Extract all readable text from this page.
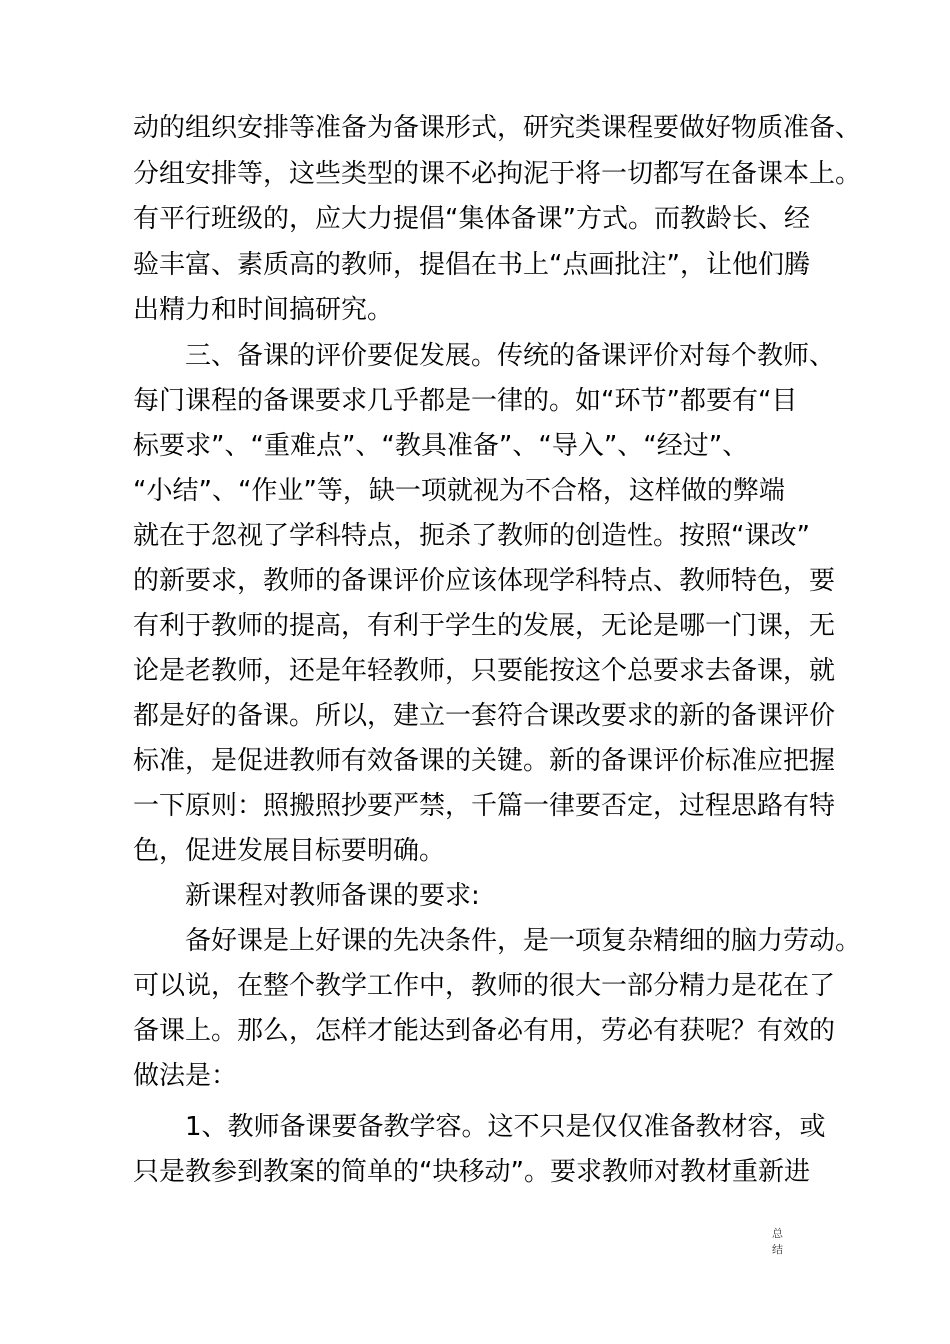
动的组织安排等准备为备课形式，研究类课程要做好物质准备、
分组安排等，这些类型的课不必拘泥于将一切都写在备课本上。
有平行班级的，应大力提倡“集体备课”方式。而教龄长、经
验丰富、素质高的教师，提倡在书上“点画批注”，让他们腾
出精力和时间搞研究。
三、备课的评价要促发展。传统的备课评价对每个教师、
每门课程的备课要求几乎都是一律的。如“环节”都要有“目
标要求”、“重难点”、“教具准备”、“导入”、“经过”、
“小结”、“作业”等，缺一项就视为不合格，这样做的弊端
就在于忽视了学科特点，扼杀了教师的创造性。按照“课改”
的新要求，教师的备课评价应该体现学科特点、教师特色，要
有利于教师的提高，有利于学生的发展，无论是哪一门课，无
论是老教师，还是年轻教师，只要能按这个总要求去备课，就
都是好的备课。所以，建立一套符合课改要求的新的备课评价
标准，是促进教师有效备课的关键。新的备课评价标准应把握
一下原则：照搬照抄要严禁，千篇一律要否定，过程思路有特
色，促进发展目标要明确。
新课程对教师备课的要求:
备好课是上好课的先决条件，是一项复杂精细的脑力劳动。
可以说，在整个教学工作中，教师的很大一部分精力是花在了
备课上。那么，怎样才能达到备必有用，劳必有获呢？有效的
做法是：
1、教师备课要备教学容。这不只是仅仅准备教材容，或
只是教参到教案的简单的“块移动”。要求教师对教材重新进
总
结
